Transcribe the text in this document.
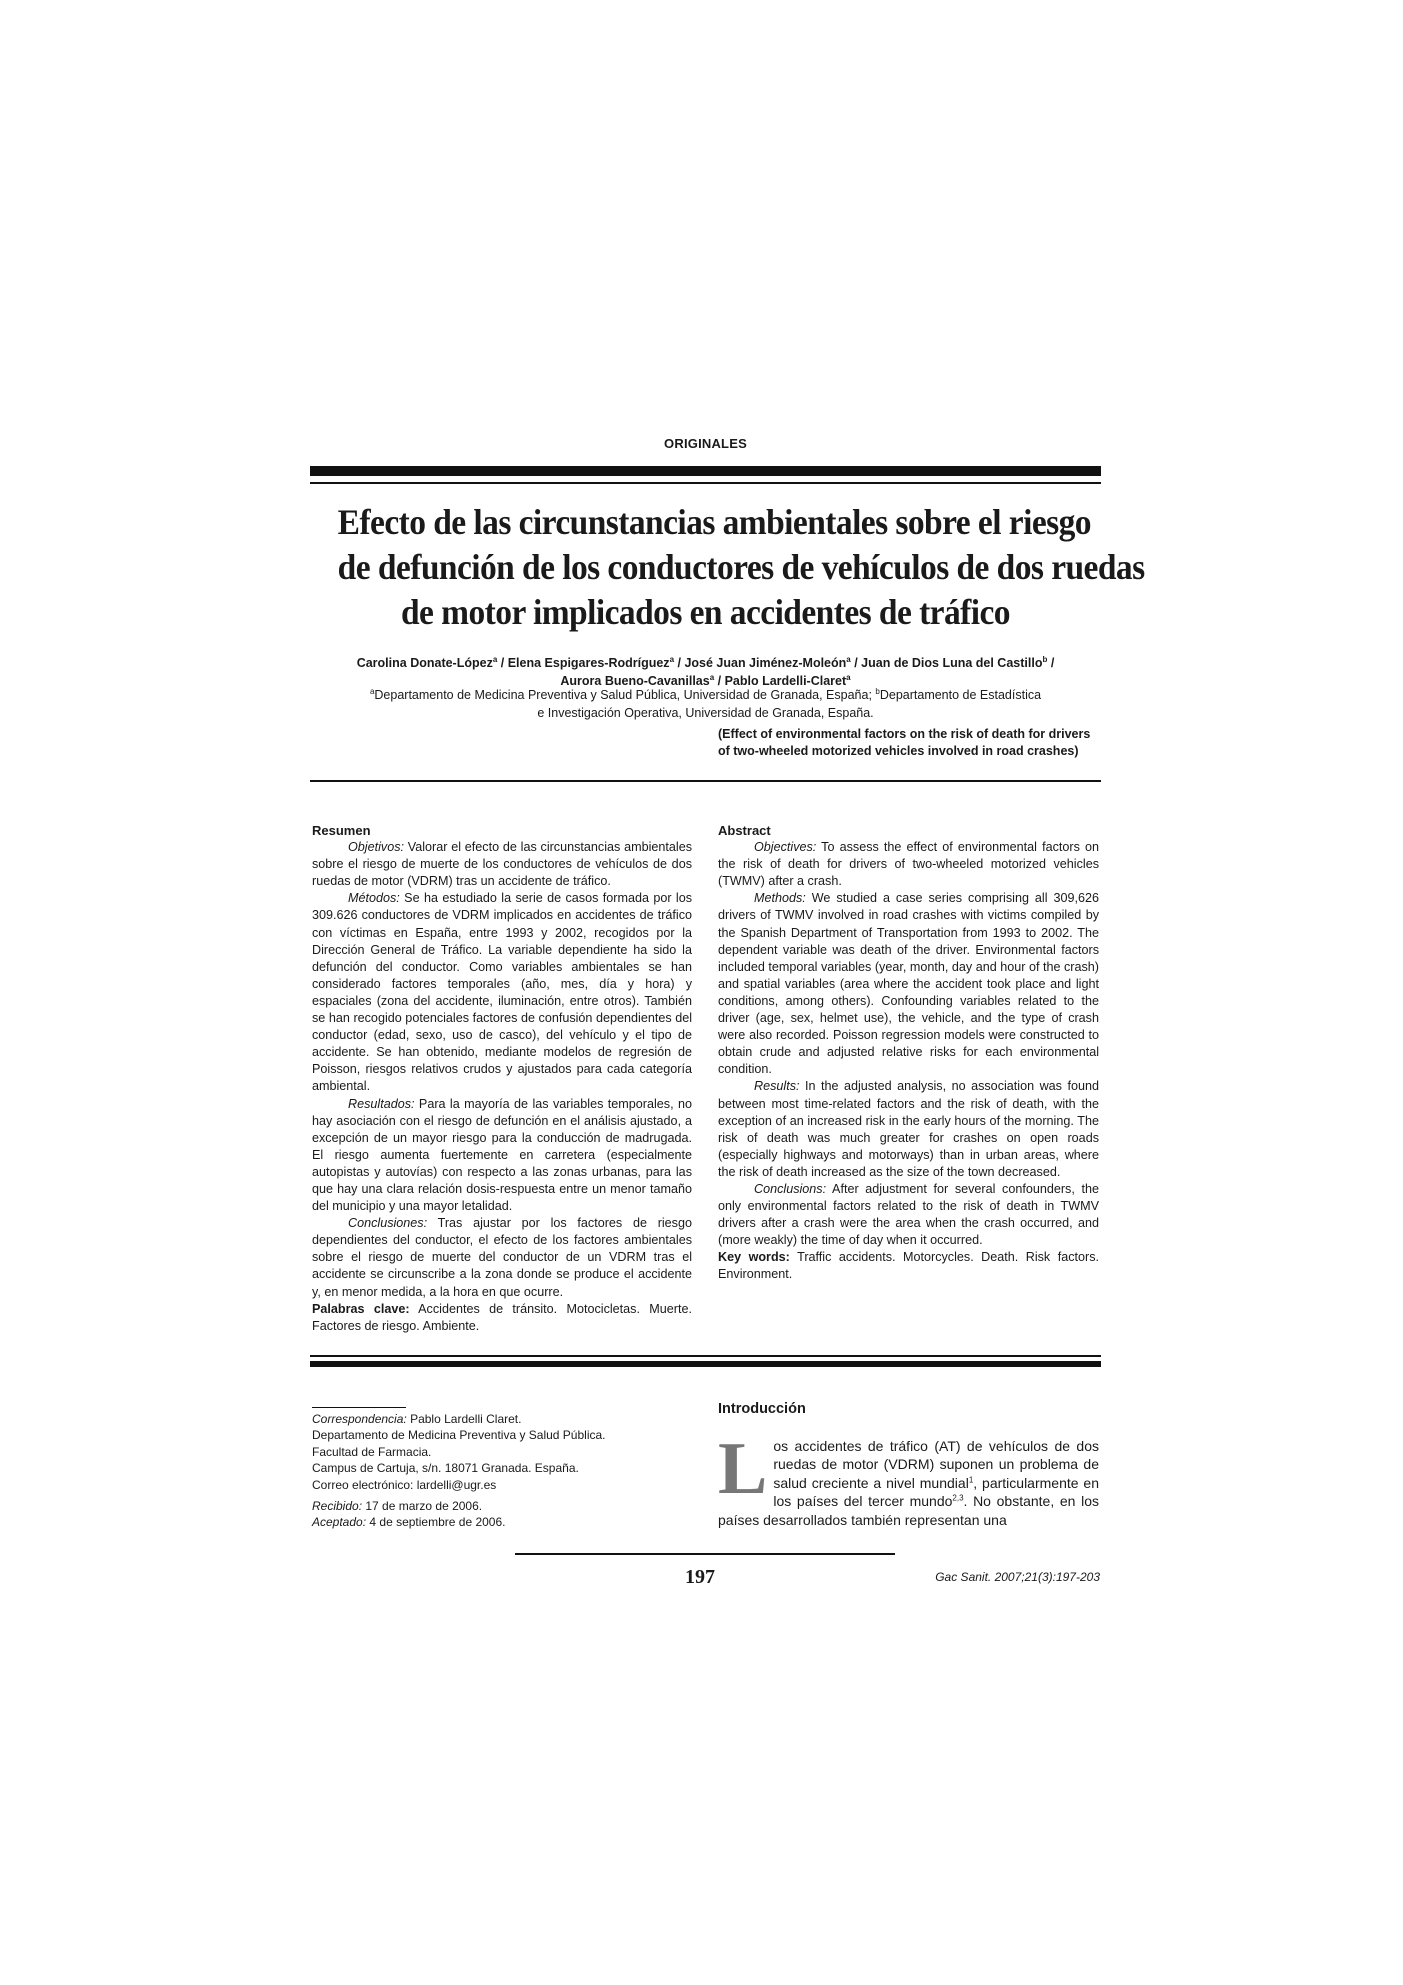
ORIGINALES
Efecto de las circunstancias ambientales sobre el riesgo
de defunción de los conductores de vehículos de dos ruedas
de motor implicados en accidentes de tráfico
Carolina Donate-López$^a$ / Elena Espigares-Rodríguez$^a$ / José Juan Jiménez-Moleón$^a$ / Juan de Dios Luna del Castillo$^b$ /
Aurora Bueno-Cavanillas$^a$ / Pablo Lardelli-Claret$^a$
$^a$Departamento de Medicina Preventiva y Salud Pública, Universidad de Granada, España; $^b$Departamento de Estadística
e Investigación Operativa, Universidad de Granada, España.
(Effect of environmental factors on the risk of death for drivers of two-wheeled motorized vehicles involved in road crashes)

Resumen

Objetivos: Valorar el efecto de las circunstancias ambientales sobre el riesgo de muerte de los conductores de vehículos de dos ruedas de motor (VDRM) tras un accidente de tráfico.

Métodos: Se ha estudiado la serie de casos formada por los 309.626 conductores de VDRM implicados en accidentes de tráfico con víctimas en España, entre 1993 y 2002, recogidos por la Dirección General de Tráfico. La variable dependiente ha sido la defunción del conductor. Como variables ambientales se han considerado factores temporales (año, mes, día y hora) y espaciales (zona del accidente, iluminación, entre otros). También se han recogido potenciales factores de confusión dependientes del conductor (edad, sexo, uso de casco), del vehículo y el tipo de accidente. Se han obtenido, mediante modelos de regresión de Poisson, riesgos relativos crudos y ajustados para cada categoría ambiental.

Resultados: Para la mayoría de las variables temporales, no hay asociación con el riesgo de defunción en el análisis ajustado, a excepción de un mayor riesgo para la conducción de madrugada. El riesgo aumenta fuertemente en carretera (especialmente autopistas y autovías) con respecto a las zonas urbanas, para las que hay una clara relación dosis-respuesta entre un menor tamaño del municipio y una mayor letalidad.

Conclusiones: Tras ajustar por los factores de riesgo dependientes del conductor, el efecto de los factores ambientales sobre el riesgo de muerte del conductor de un VDRM tras el accidente se circunscribe a la zona donde se produce el accidente y, en menor medida, a la hora en que ocurre.

Palabras clave: Accidentes de tránsito. Motocicletas. Muerte. Factores de riesgo. Ambiente.

Abstract

Objectives: To assess the effect of environmental factors on the risk of death for drivers of two-wheeled motorized vehicles (TWMV) after a crash.

Methods: We studied a case series comprising all 309,626 drivers of TWMV involved in road crashes with victims compiled by the Spanish Department of Transportation from 1993 to 2002. The dependent variable was death of the driver. Environmental factors included temporal variables (year, month, day and hour of the crash) and spatial variables (area where the accident took place and light conditions, among others). Confounding variables related to the driver (age, sex, helmet use), the vehicle, and the type of crash were also recorded. Poisson regression models were constructed to obtain crude and adjusted relative risks for each environmental condition.

Results: In the adjusted analysis, no association was found between most time-related factors and the risk of death, with the exception of an increased risk in the early hours of the morning. The risk of death was much greater for crashes on open roads (especially highways and motorways) than in urban areas, where the risk of death increased as the size of the town decreased.

Conclusions: After adjustment for several confounders, the only environmental factors related to the risk of death in TWMV drivers after a crash were the area when the crash occurred, and (more weakly) the time of day when it occurred.

Key words: Traffic accidents. Motorcycles. Death. Risk factors. Environment.

Correspondencia: Pablo Lardelli Claret.

Departamento de Medicina Preventiva y Salud Pública.

Facultad de Farmacia.

Campus de Cartuja, s/n. 18071 Granada. España.

Correo electrónico: lardelli@ugr.es

Recibido: 17 de marzo de 2006.

Aceptado: 4 de septiembre de 2006.

Introducción

Los accidentes de tráfico (AT) de vehículos de dos ruedas de motor (VDRM) suponen un problema de salud creciente a nivel mundial$^1$, particularmente en los países del tercer mundo$^{2,3}$. No obstante, en los países desarrollados también representan una

197	Gac Sanit. 2007;21(3):197-203
